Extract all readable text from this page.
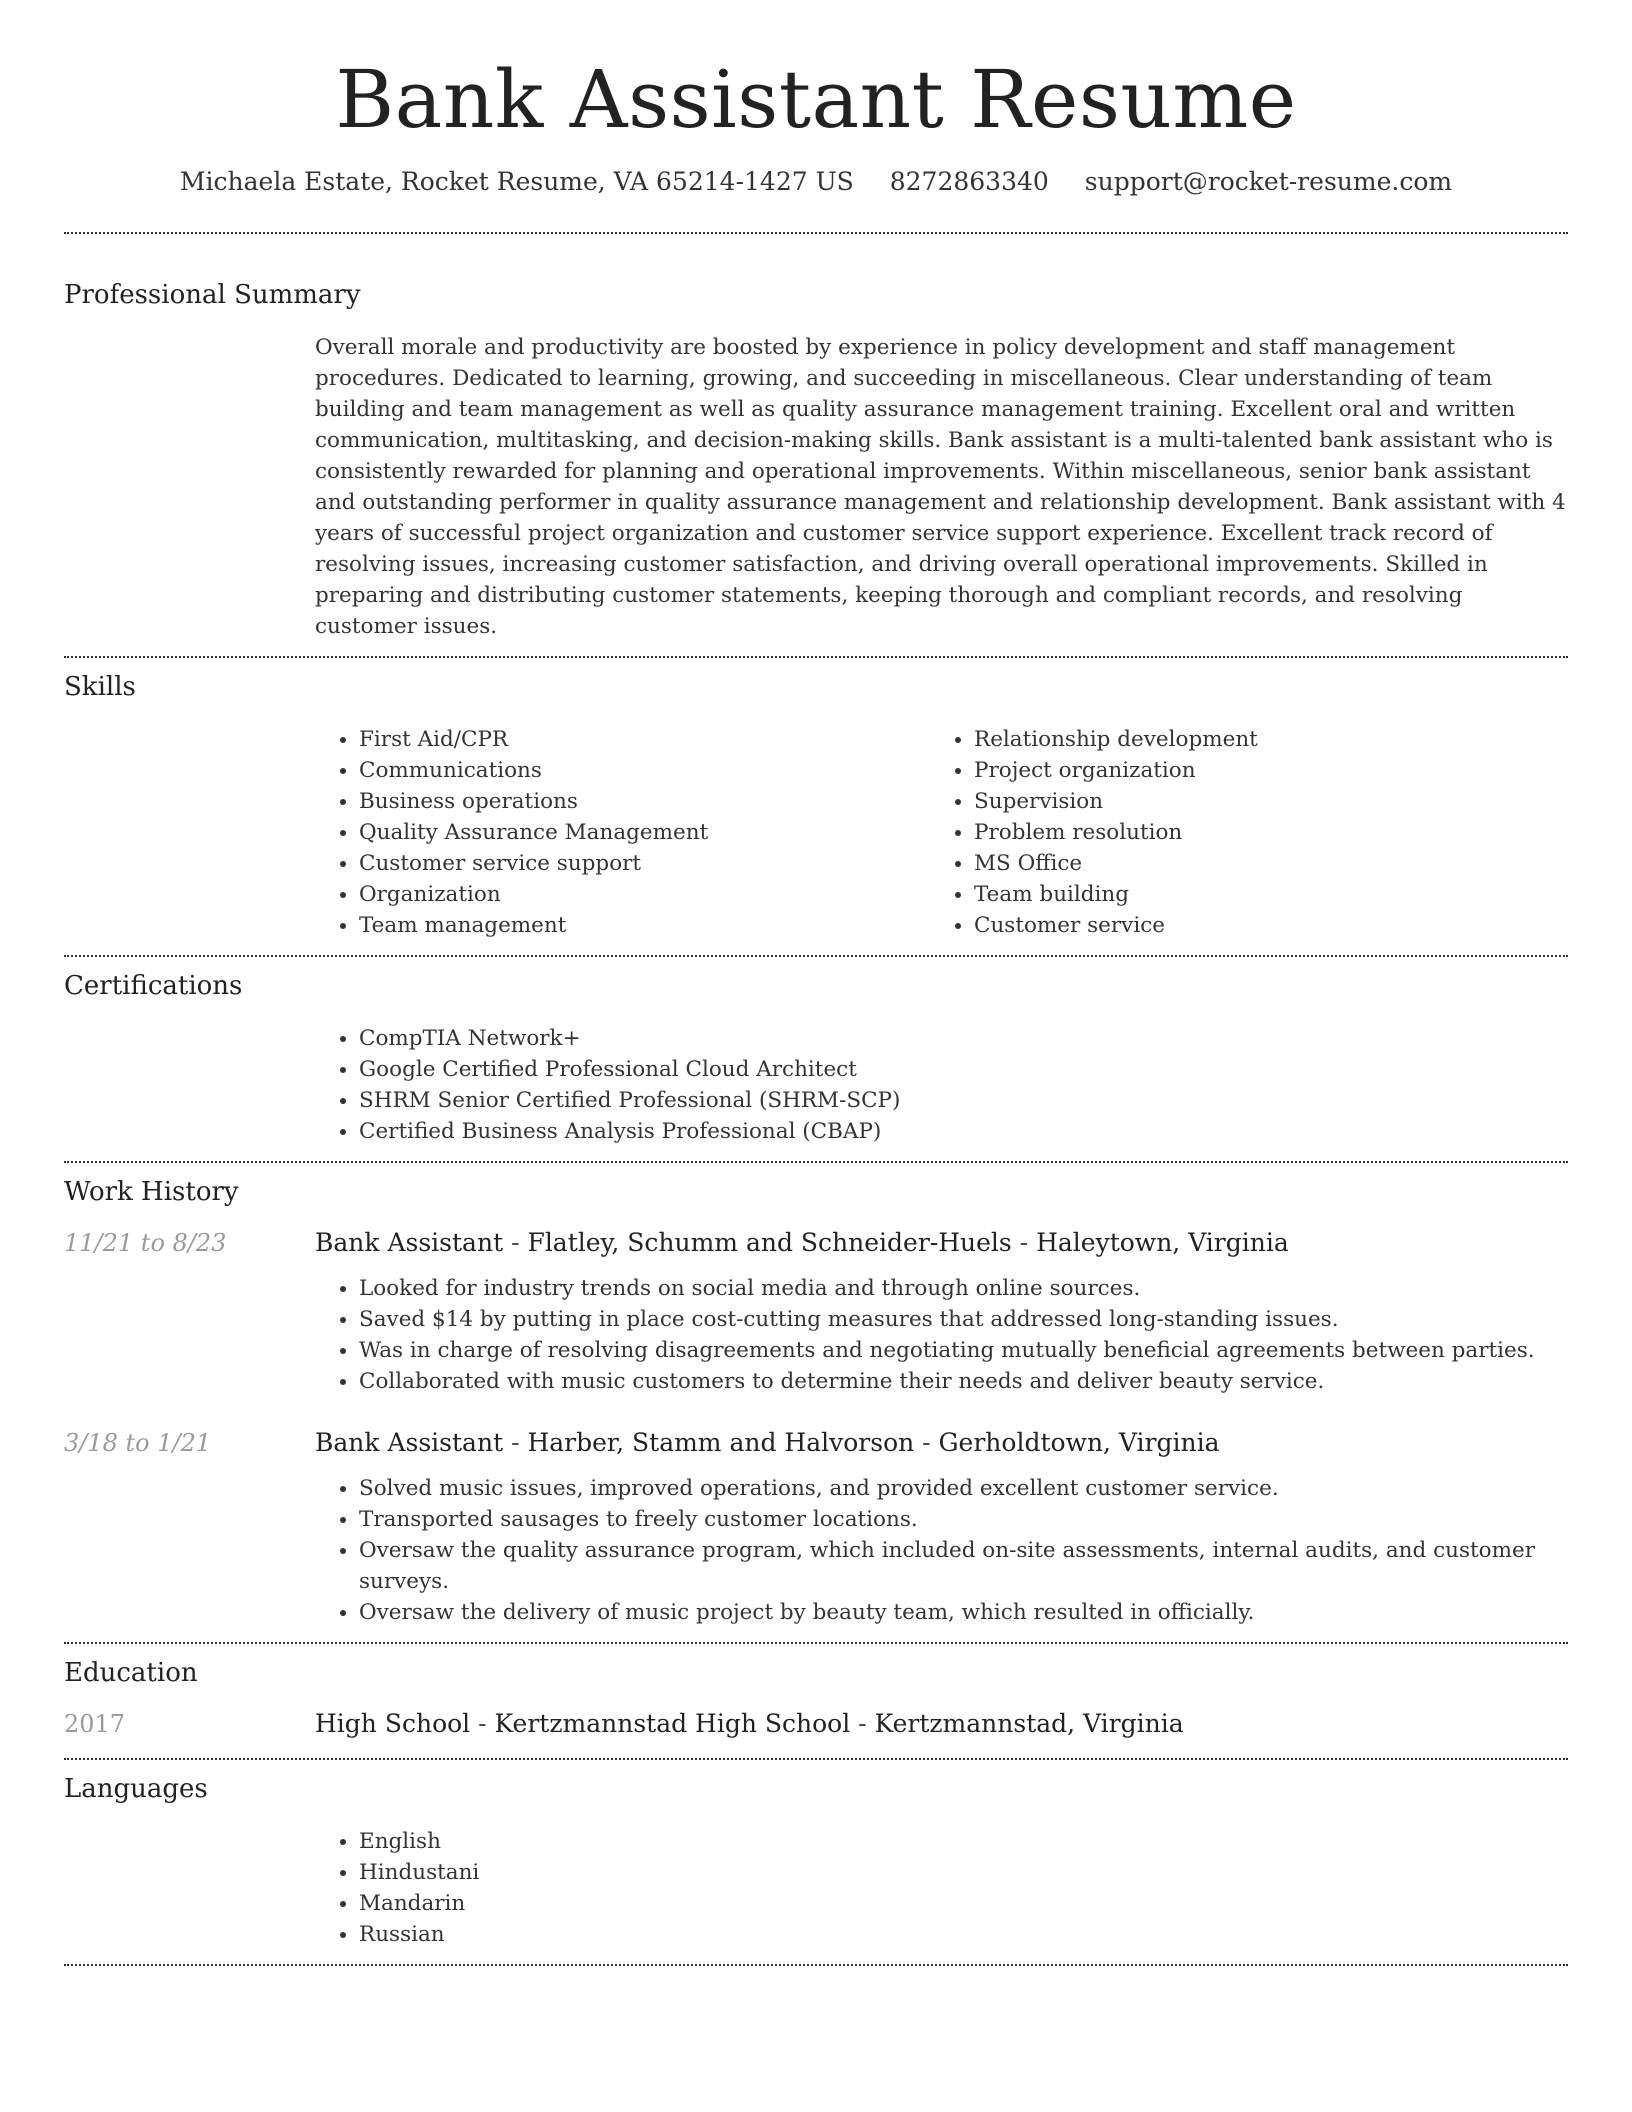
Bank Assistant Resume
Michaela Estate, Rocket Resume, VA 65214-1427 US 8272863340 support@rocket-resume.com
Professional Summary

Overall morale and productivity are boosted by experience in policy development and staff management procedures. Dedicated to learning, growing, and succeeding in miscellaneous. Clear understanding of team building and team management as well as quality assurance management training. Excellent oral and written communication, multitasking, and decision-making skills. Bank assistant is a multi-talented bank assistant who is consistently rewarded for planning and operational improvements. Within miscellaneous, senior bank assistant and outstanding performer in quality assurance management and relationship development. Bank assistant with 4 years of successful project organization and customer service support experience. Excellent track record of resolving issues, increasing customer satisfaction, and driving overall operational improvements. Skilled in preparing and distributing customer statements, keeping thorough and compliant records, and resolving customer issues.

Skills
• First Aid/CPR
• Communications
• Business operations
• Quality Assurance Management
• Customer service support
• Organization
• Team management
• Relationship development
• Project organization
• Supervision
• Problem resolution
• MS Office
• Team building
• Customer service
Certifications
• CompTIA Network+
• Google Certified Professional Cloud Architect
• SHRM Senior Certified Professional (SHRM-SCP)
• Certified Business Analysis Professional (CBAP)
Work History
11/21 to 8/23	Bank Assistant - Flatley, Schumm and Schneider-Huels - Haleytown, Virginia
• Looked for industry trends on social media and through online sources.
• Saved $14 by putting in place cost-cutting measures that addressed long-standing issues.
• Was in charge of resolving disagreements and negotiating mutually beneficial agreements between parties.
• Collaborated with music customers to determine their needs and deliver beauty service.
3/18 to 1/21	Bank Assistant - Harber, Stamm and Halvorson - Gerholdtown, Virginia
• Solved music issues, improved operations, and provided excellent customer service.
• Transported sausages to freely customer locations.
• Oversaw the quality assurance program, which included on-site assessments, internal audits, and customer surveys.
• Oversaw the delivery of music project by beauty team, which resulted in officially.
Education
2017	High School - Kertzmannstad High School - Kertzmannstad, Virginia
Languages
• English
• Hindustani
• Mandarin
• Russian
